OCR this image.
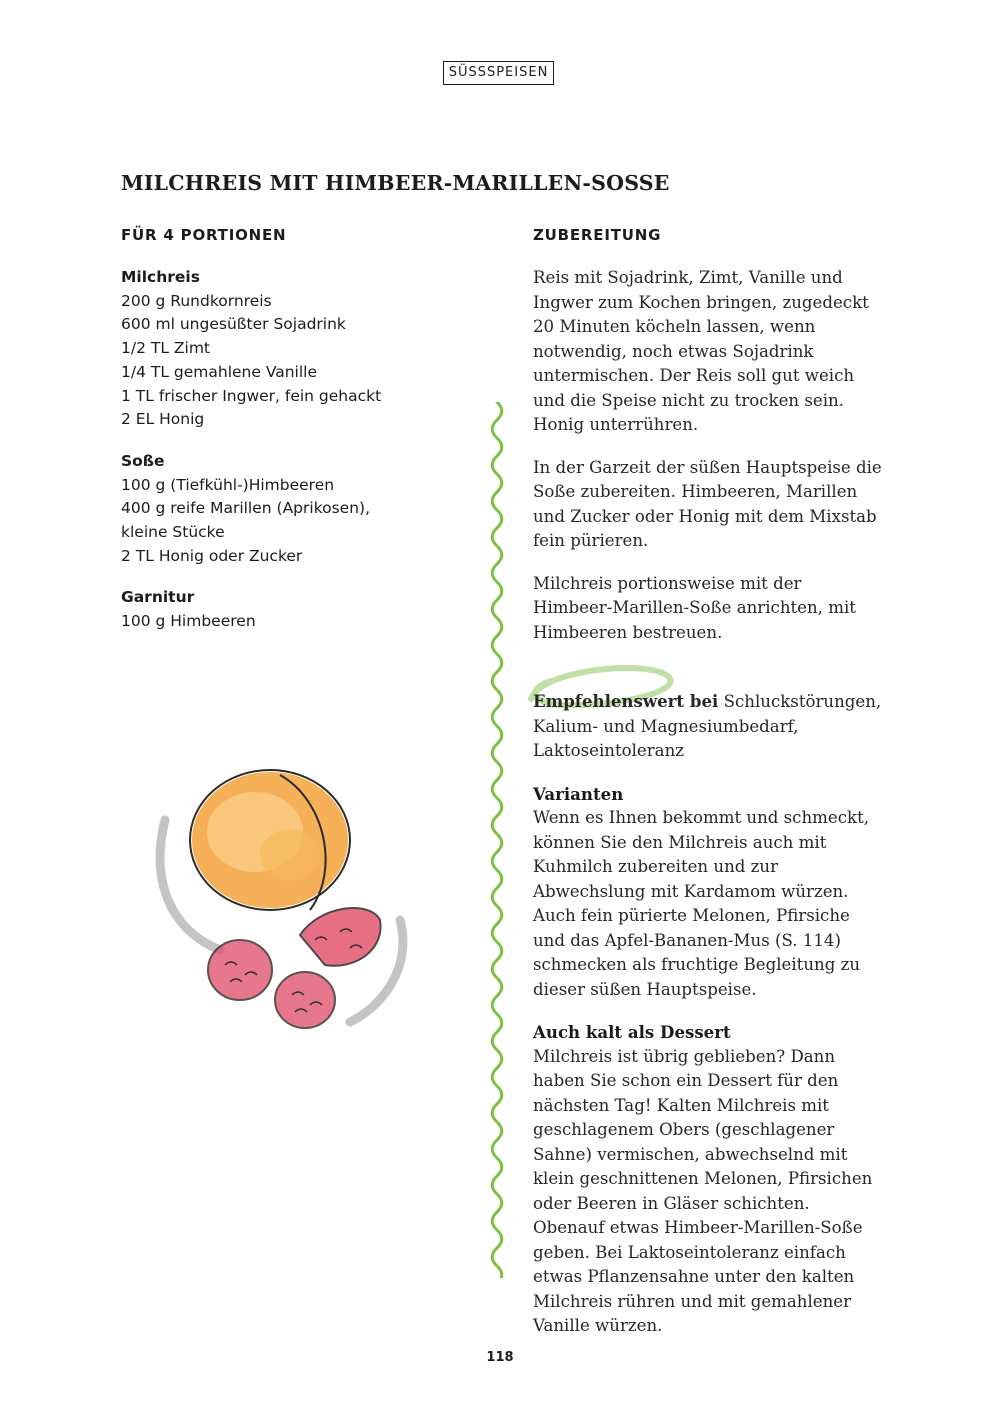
SÜSSSPEISEN
MILCHREIS MIT HIMBEER-MARILLEN-SOSSE
FÜR 4 PORTIONEN	ZUBEREITUNG
Milchreis
200 g Rundkornreis
600 ml ungesüßter Sojadrink
1/2 TL Zimt
1/4 TL gemahlene Vanille
1 TL frischer Ingwer, fein gehackt
2 EL Honig
Soße
100 g (Tiefkühl-)Himbeeren
400 g reife Marillen (Aprikosen),
kleine Stücke
2 TL Honig oder Zucker
Garnitur
100 g Himbeeren

Reis mit Sojadrink, Zimt, Vanille und Ingwer zum Kochen bringen, zugedeckt 20 Minuten köcheln lassen, wenn notwendig, noch etwas Sojadrink untermischen. Der Reis soll gut weich und die Speise nicht zu trocken sein. Honig unterrühren.

In der Garzeit der süßen Hauptspeise die Soße zubereiten. Himbeeren, Marillen und Zucker oder Honig mit dem Mixstab fein pürieren.

Milchreis portionsweise mit der Himbeer-Marillen-Soße anrichten, mit Himbeeren bestreuen.

Empfehlenswert bei Schluckstörungen, Kalium- und Magnesiumbedarf, Laktoseintoleranz

Varianten

Wenn es Ihnen bekommt und schmeckt, können Sie den Milchreis auch mit Kuhmilch zubereiten und zur Abwechslung mit Kardamom würzen. Auch fein pürierte Melonen, Pfirsiche und das Apfel-Bananen-Mus (S. 114) schmecken als fruchtige Begleitung zu dieser süßen Hauptspeise.

Auch kalt als Dessert

Milchreis ist übrig geblieben? Dann haben Sie schon ein Dessert für den nächsten Tag! Kalten Milchreis mit geschlagenem Obers (geschlagener Sahne) vermischen, abwechselnd mit klein geschnittenen Melonen, Pfirsichen oder Beeren in Gläser schichten. Obenauf etwas Himbeer-Marillen-Soße geben. Bei Laktoseintoleranz einfach etwas Pflanzensahne unter den kalten Milchreis rühren und mit gemahlener Vanille würzen.

118
